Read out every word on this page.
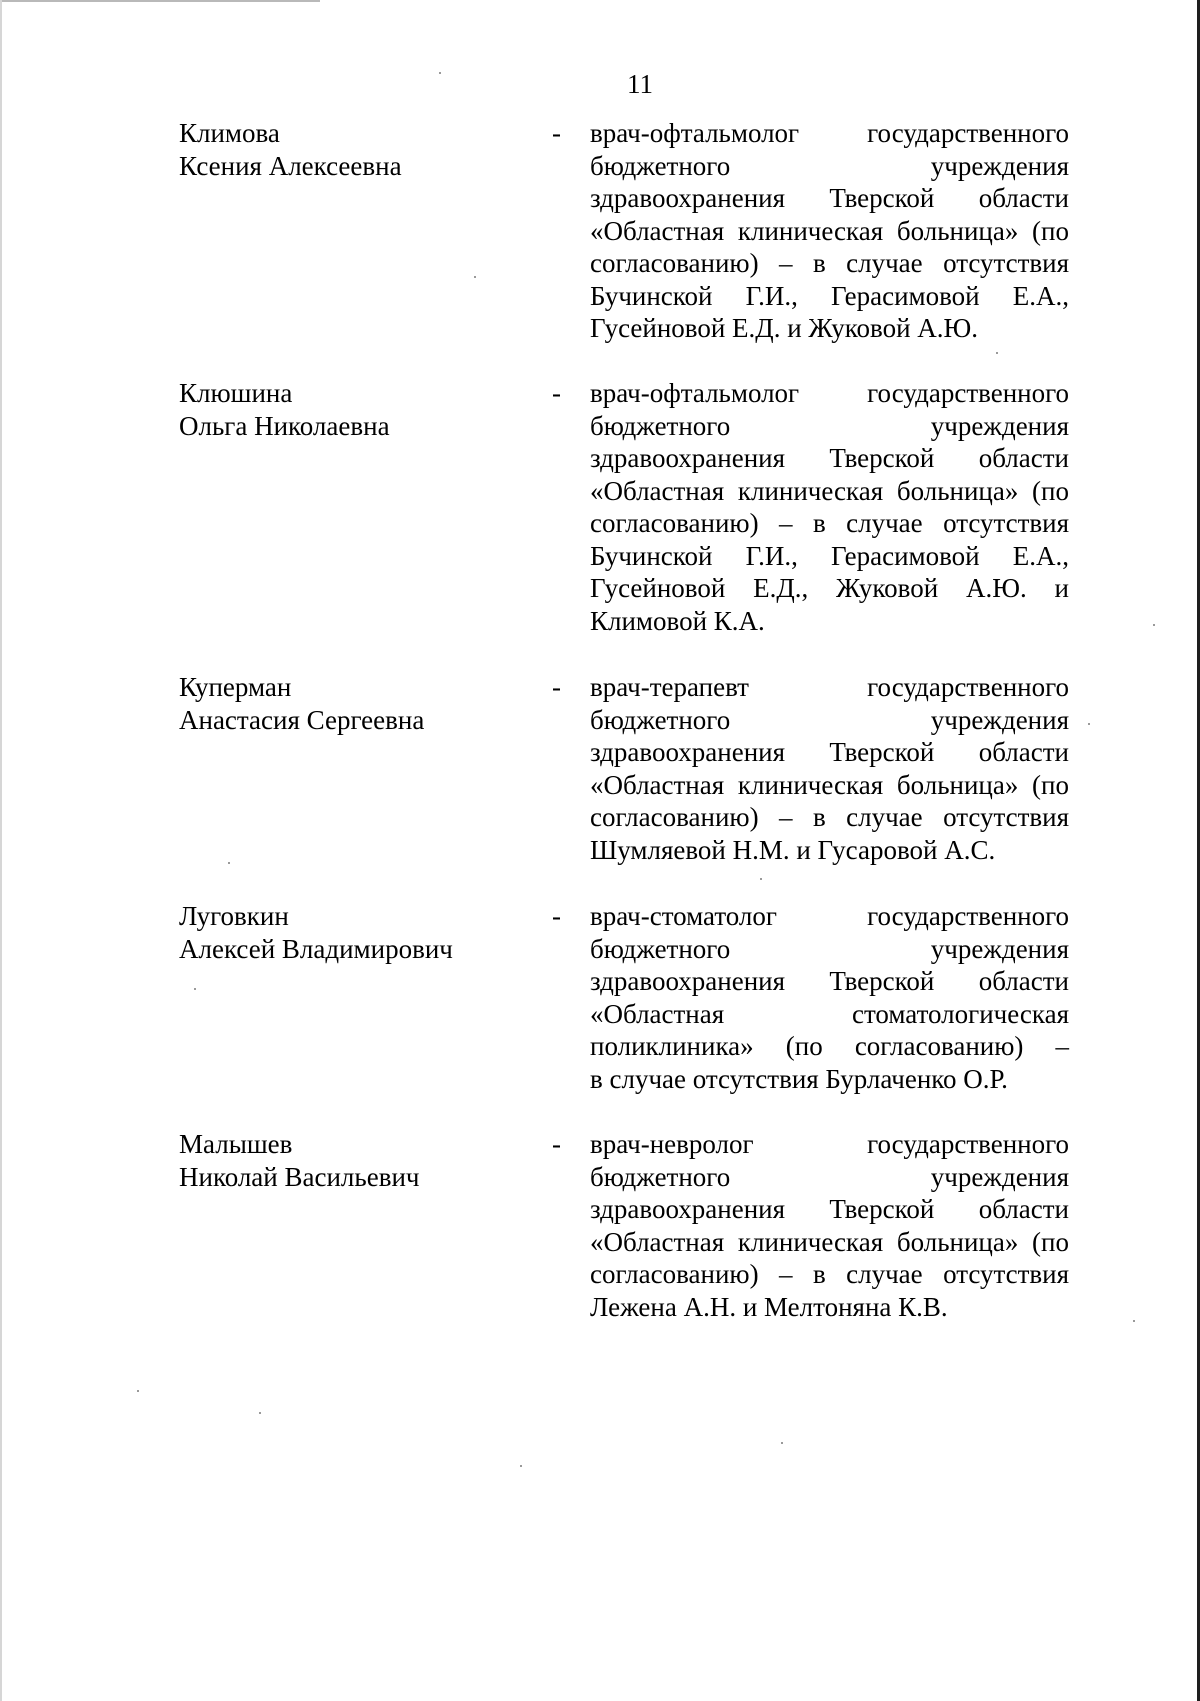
11
Климова
Ксения Алексеевна
- врач-офтальмолог государственного
бюджетного учреждения
здравоохранения Тверской области
«Областная клиническая больница» (по
согласованию) – в случае отсутствия
Бучинской Г.И., Герасимовой Е.А.,
Гусейновой Е.Д. и Жуковой А.Ю.
Клюшина
Ольга Николаевна
- врач-офтальмолог государственного
бюджетного учреждения
здравоохранения Тверской области
«Областная клиническая больница» (по
согласованию) – в случае отсутствия
Бучинской Г.И., Герасимовой Е.А.,
Гусейновой Е.Д., Жуковой А.Ю. и
Климовой К.А.
Куперман
Анастасия Сергеевна
- врач-терапевт государственного
бюджетного учреждения
здравоохранения Тверской области
«Областная клиническая больница» (по
согласованию) – в случае отсутствия
Шумляевой Н.М. и Гусаровой А.С.
Луговкин
Алексей Владимирович
- врач-стоматолог государственного
бюджетного учреждения
здравоохранения Тверской области
«Областная стоматологическая
поликлиника» (по согласованию) –
в случае отсутствия Бурлаченко О.Р.
Малышев
Николай Васильевич
- врач-невролог государственного
бюджетного учреждения
здравоохранения Тверской области
«Областная клиническая больница» (по
согласованию) – в случае отсутствия
Лежена А.Н. и Мелтоняна К.В.
